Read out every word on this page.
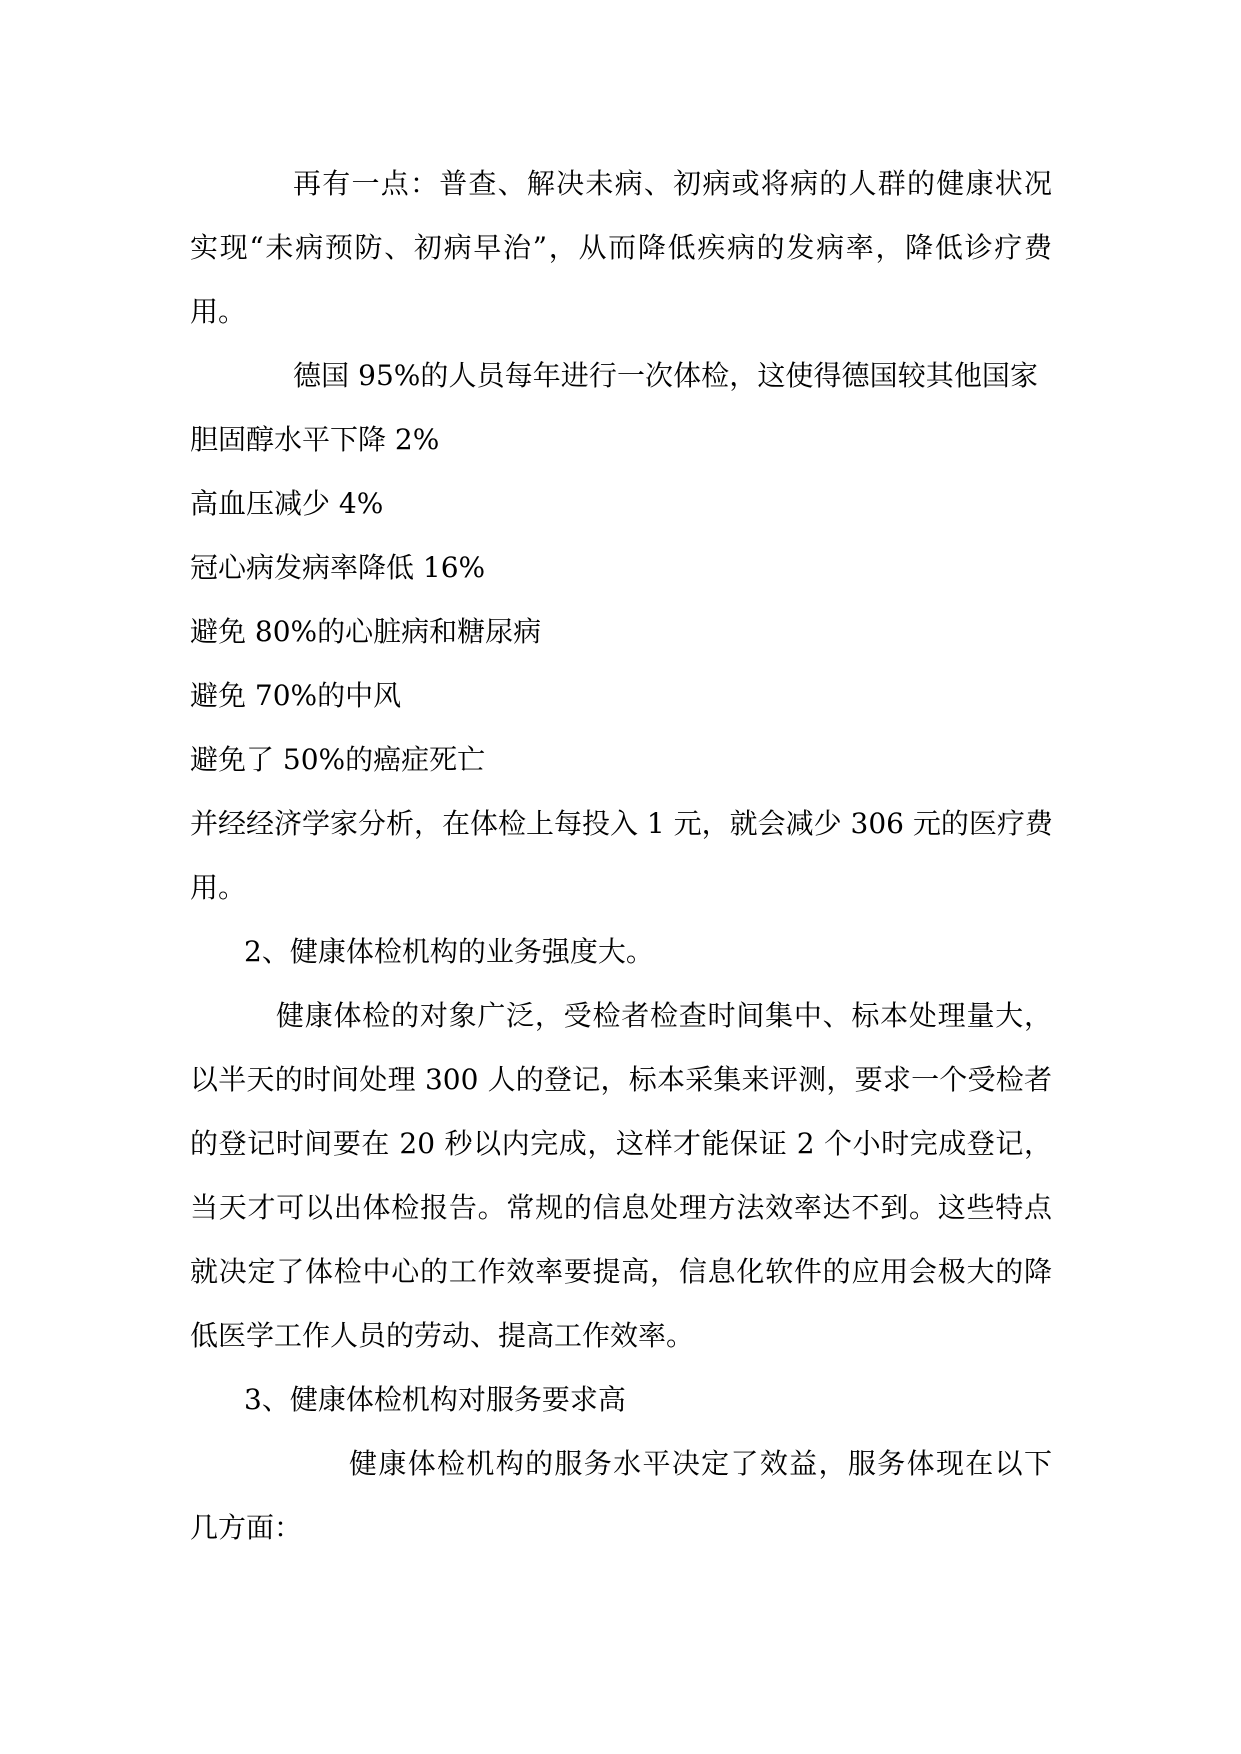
再有一点：普查、解决未病、初病或将病的人群的健康状况
实现“未病预防、初病早治”，从而降低疾病的发病率，降低诊疗费
用。
德国 95%的人员每年进行一次体检，这使得德国较其他国家
胆固醇水平下降 2%
高血压减少 4%
冠心病发病率降低 16%
避免 80%的心脏病和糖尿病
避免 70%的中风
避免了 50%的癌症死亡
并经经济学家分析，在体检上每投入 1 元，就会减少 306 元的医疗费
用。
2、健康体检机构的业务强度大。
健康体检的对象广泛，受检者检查时间集中、标本处理量大，
以半天的时间处理 300 人的登记，标本采集来评测，要求一个受检者
的登记时间要在 20 秒以内完成，这样才能保证 2 个小时完成登记，
当天才可以出体检报告。常规的信息处理方法效率达不到。这些特点
就决定了体检中心的工作效率要提高，信息化软件的应用会极大的降
低医学工作人员的劳动、提高工作效率。
3、健康体检机构对服务要求高
健康体检机构的服务水平决定了效益，服务体现在以下
几方面：
